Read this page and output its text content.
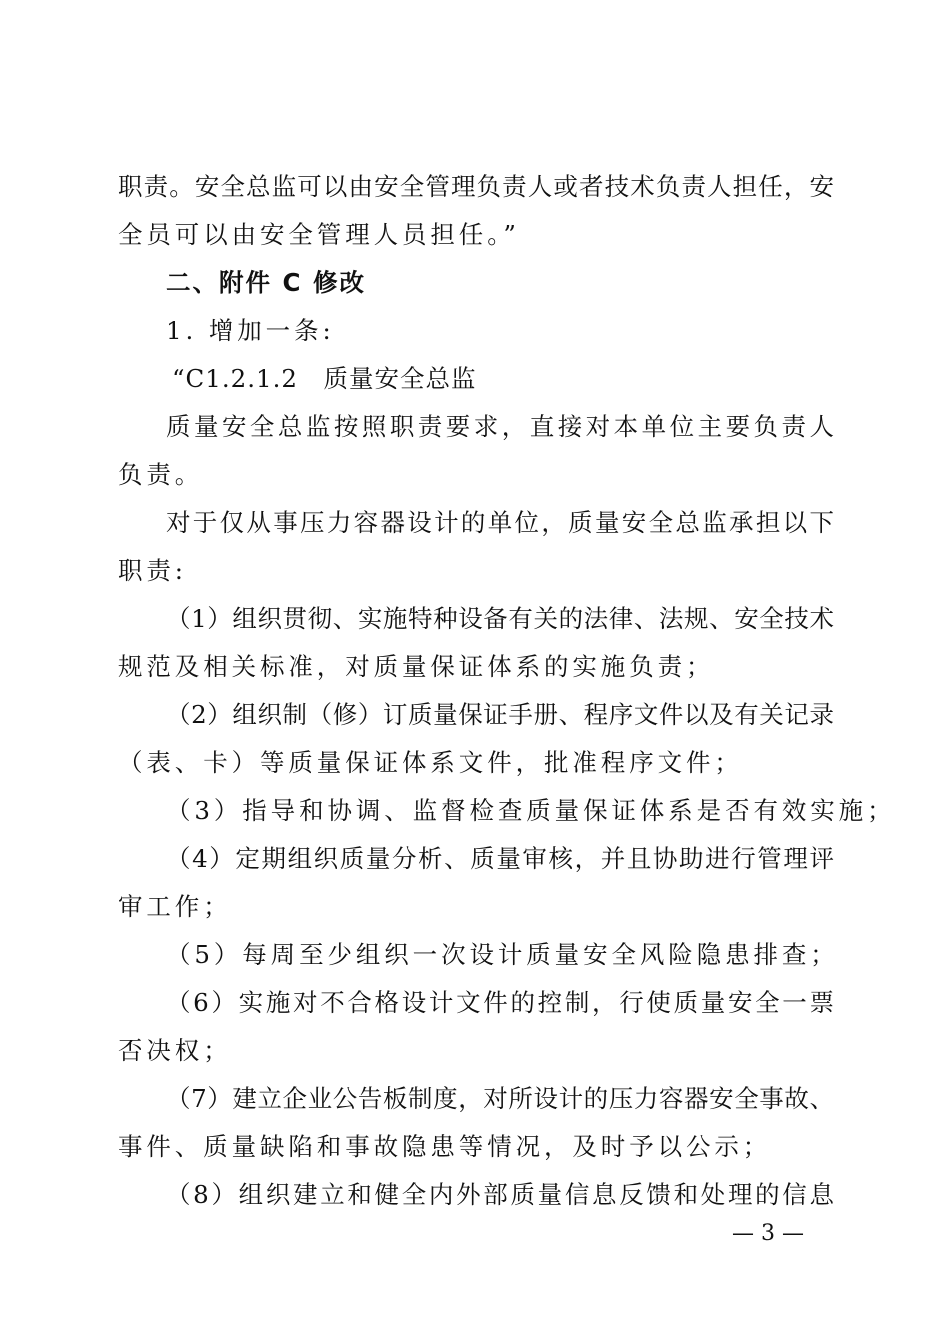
职责。安全总监可以由安全管理负责人或者技术负责人担任，安
全员可以由安全管理人员担任。”
二、附件 C 修改
1. 增加一条:
“C1.2.1.2　质量安全总监
质量安全总监按照职责要求，直接对本单位主要负责人
负责。
对于仅从事压力容器设计的单位，质量安全总监承担以下
职责:
（1）组织贯彻、实施特种设备有关的法律、法规、安全技术
规范及相关标准，对质量保证体系的实施负责；
（2）组织制（修）订质量保证手册、程序文件以及有关记录
（表、卡）等质量保证体系文件，批准程序文件；
（3）指导和协调、监督检查质量保证体系是否有效实施；
（4）定期组织质量分析、质量审核，并且协助进行管理评
审工作；
（5）每周至少组织一次设计质量安全风险隐患排查；
（6）实施对不合格设计文件的控制，行使质量安全一票
否决权；
（7）建立企业公告板制度，对所设计的压力容器安全事故、
事件、质量缺陷和事故隐患等情况，及时予以公示；
（8）组织建立和健全内外部质量信息反馈和处理的信息
— 3 —
